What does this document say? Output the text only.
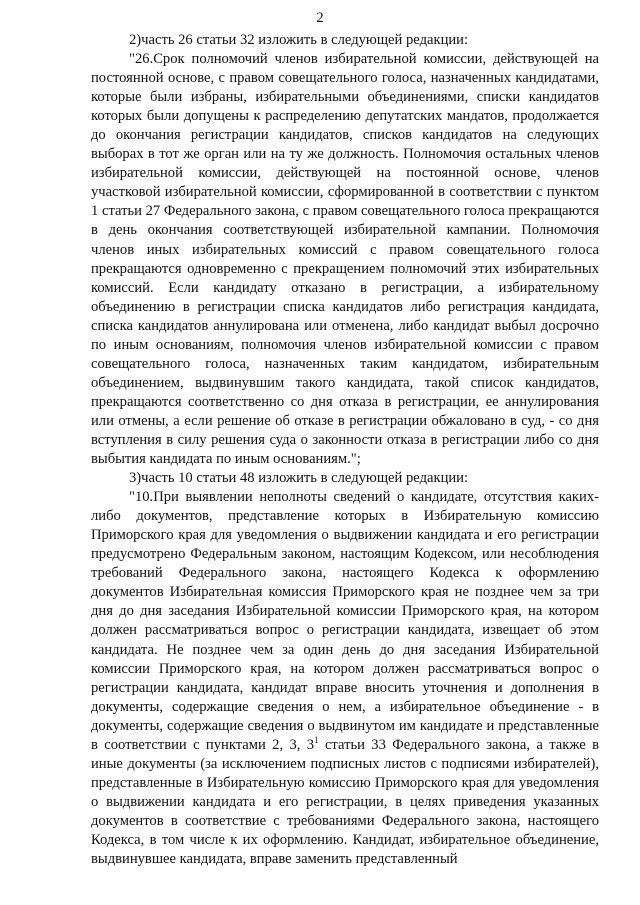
2

2)часть 26 статьи 32 изложить в следующей редакции:

"26.Срок полномочий членов избирательной комиссии, действующей на постоянной основе, с правом совещательного голоса, назначенных кандидатами, которые были избраны, избирательными объединениями, списки кандидатов которых были допущены к распределению депутатских мандатов, продолжается до окончания регистрации кандидатов, списков кандидатов на следующих выборах в тот же орган или на ту же должность. Полномочия остальных членов избирательной комиссии, действующей на постоянной основе, членов участковой избирательной комиссии, сформированной в соответствии с пунктом 1 статьи 27 Федерального закона, с правом совещательного голоса прекращаются в день окончания соответствующей избирательной кампании. Полномочия членов иных избирательных комиссий с правом совещательного голоса прекращаются одновременно с прекращением полномочий этих избирательных комиссий. Если кандидату отказано в регистрации, а избирательному объединению в регистрации списка кандидатов либо регистрация кандидата, списка кандидатов аннулирована или отменена, либо кандидат выбыл досрочно по иным основаниям, полномочия членов избирательной комиссии с правом совещательного голоса, назначенных таким кандидатом, избирательным объединением, выдвинувшим такого кандидата, такой список кандидатов, прекращаются соответственно со дня отказа в регистрации, ее аннулирования или отмены, а если решение об отказе в регистрации обжаловано в суд, - со дня вступления в силу решения суда о законности отказа в регистрации либо со дня выбытия кандидата по иным основаниям.";

3)часть 10 статьи 48 изложить в следующей редакции:

"10.При выявлении неполноты сведений о кандидате, отсутствия каких-либо документов, представление которых в Избирательную комиссию Приморского края для уведомления о выдвижении кандидата и его регистрации предусмотрено Федеральным законом, настоящим Кодексом, или несоблюдения требований Федерального закона, настоящего Кодекса к оформлению документов Избирательная комиссия Приморского края не позднее чем за три дня до дня заседания Избирательной комиссии Приморского края, на котором должен рассматриваться вопрос о регистрации кандидата, извещает об этом кандидата. Не позднее чем за один день до дня заседания Избирательной комиссии Приморского края, на котором должен рассматриваться вопрос о регистрации кандидата, кандидат вправе вносить уточнения и дополнения в документы, содержащие сведения о нем, а избирательное объединение - в документы, содержащие сведения о выдвинутом им кандидате и представленные в соответствии с пунктами 2, 3, $3^1$ статьи 33 Федерального закона, а также в иные документы (за исключением подписных листов с подписями избирателей), представленные в Избирательную комиссию Приморского края для уведомления о выдвижении кандидата и его регистрации, в целях приведения указанных документов в соответствие с требованиями Федерального закона, настоящего Кодекса, в том числе к их оформлению. Кандидат, избирательное объединение, выдвинувшее кандидата, вправе заменить представленный
